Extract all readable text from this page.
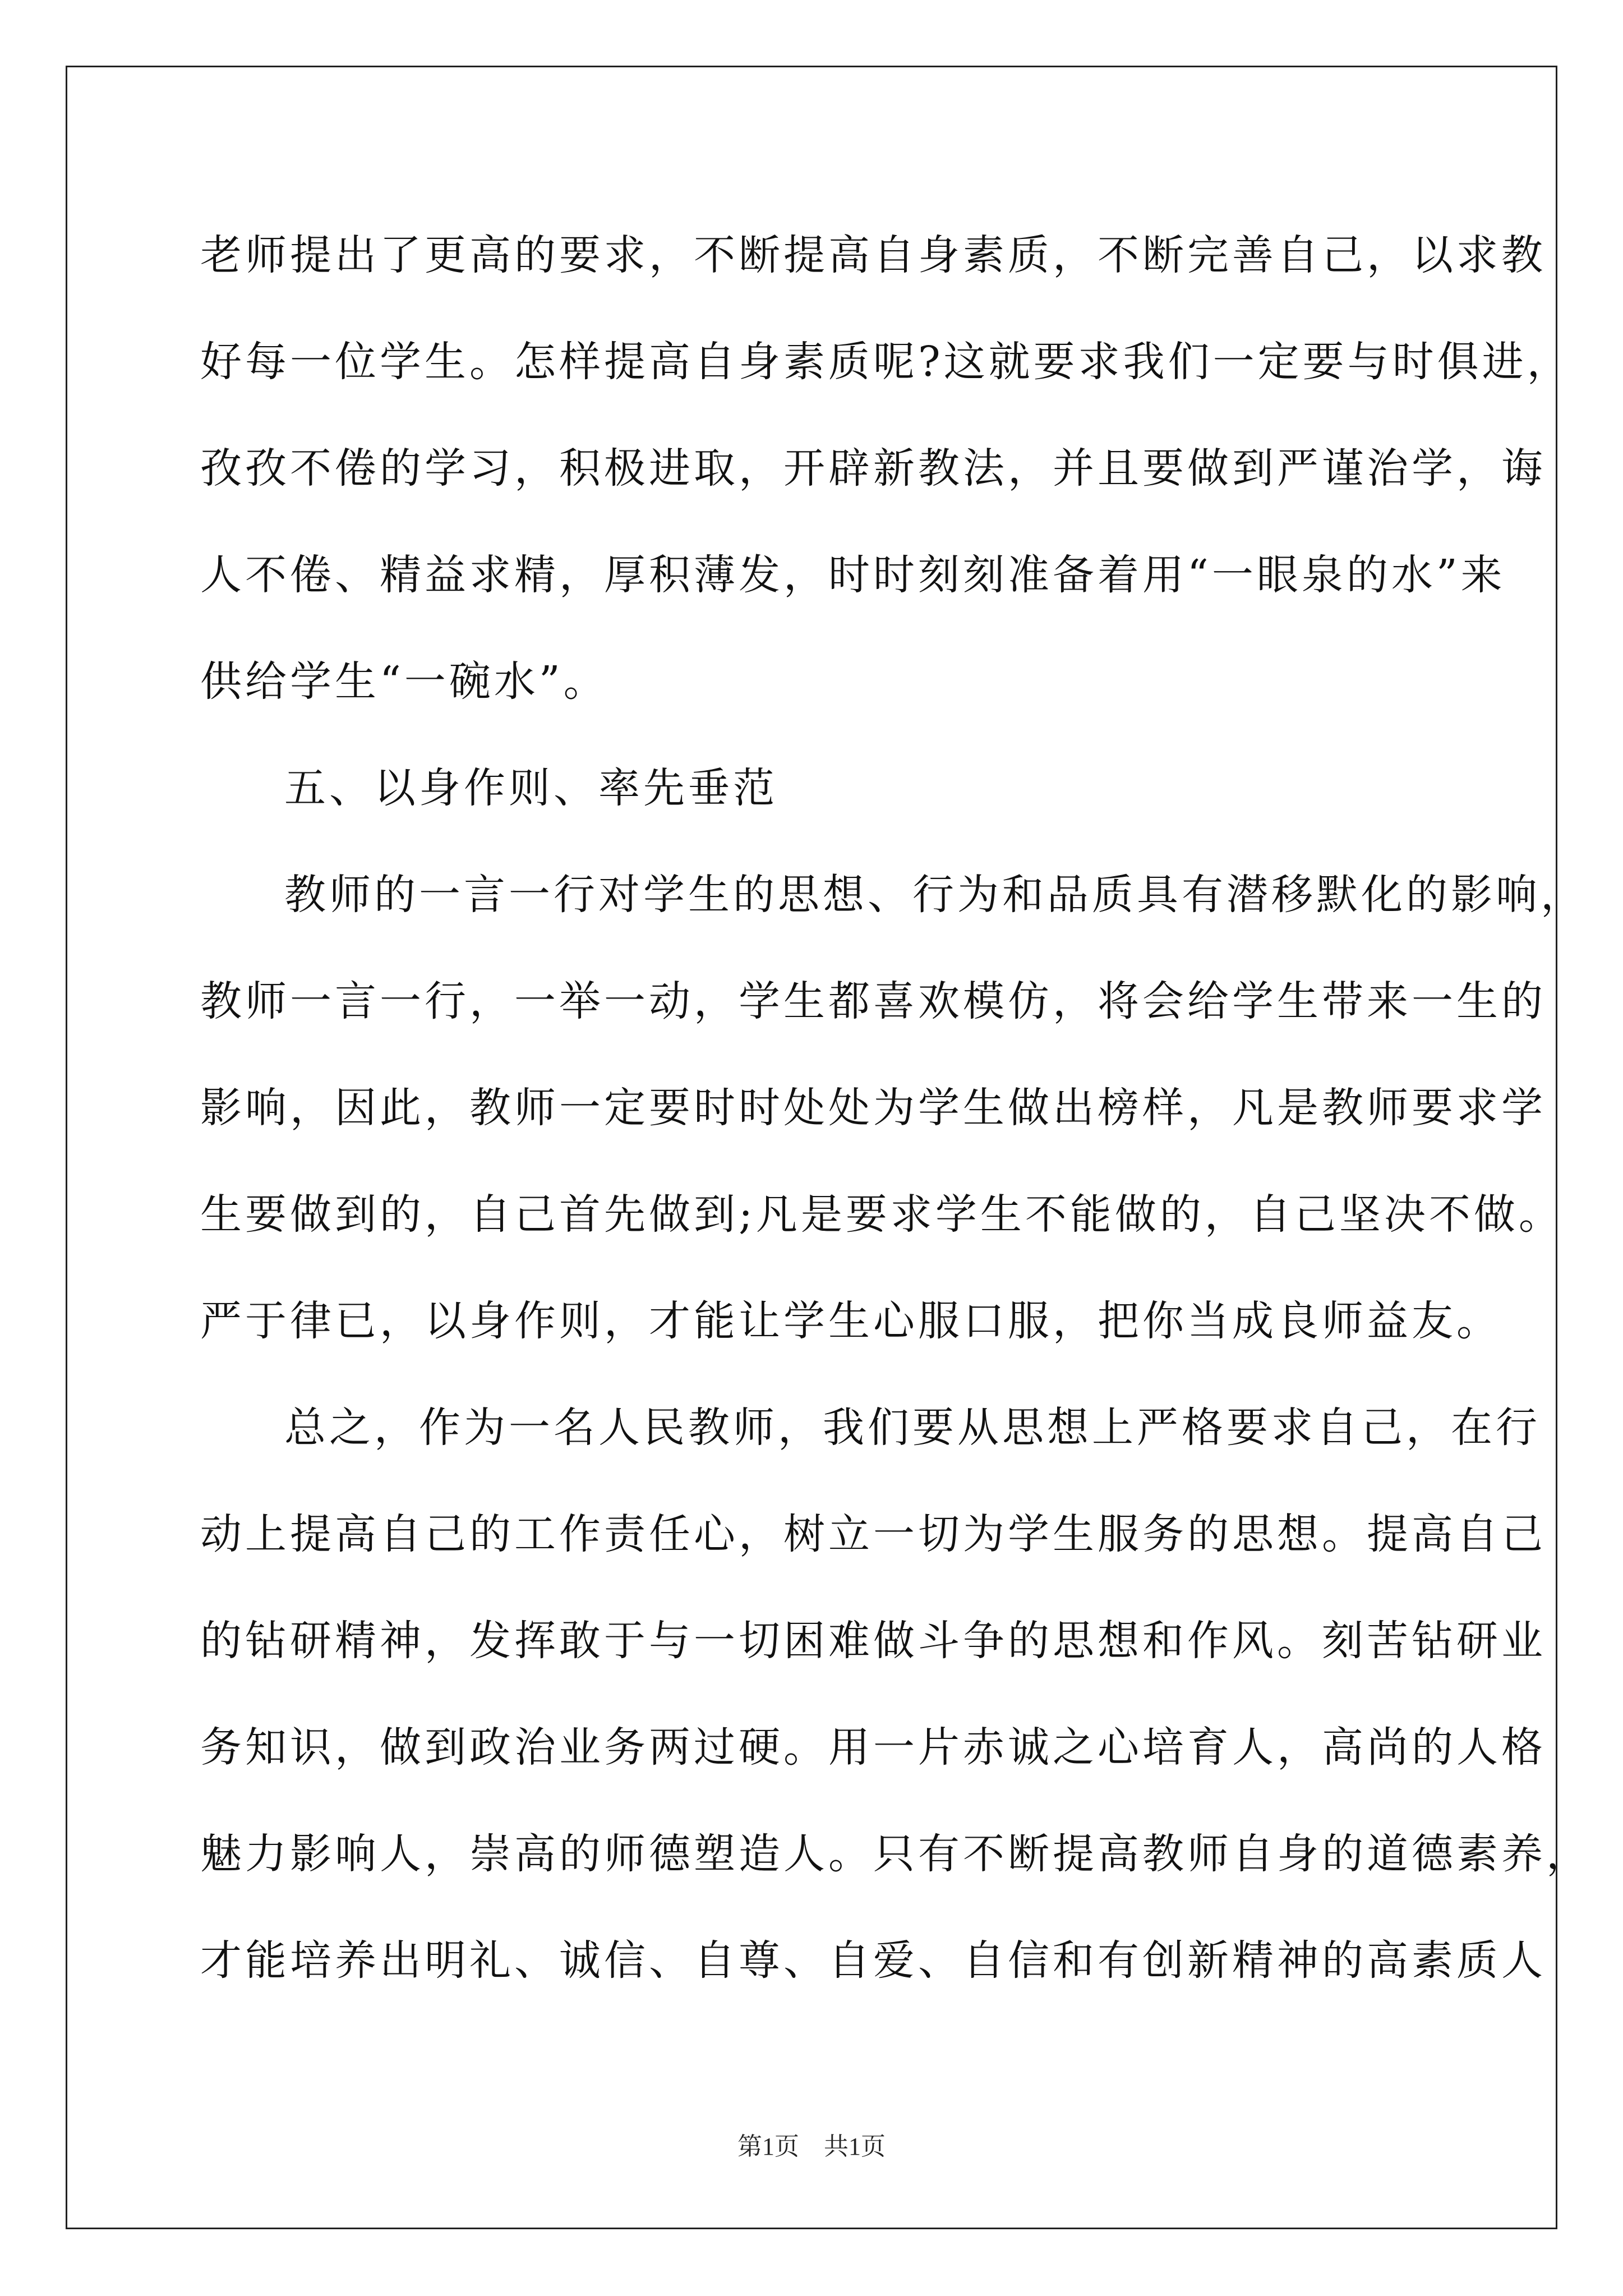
老师提出了更高的要求，不断提高自身素质，不断完善自己，以求教
好每一位学生。怎样提高自身素质呢?这就要求我们一定要与时俱进，
孜孜不倦的学习，积极进取，开辟新教法，并且要做到严谨治学，诲
人不倦、精益求精，厚积薄发，时时刻刻准备着用“一眼泉的水”来
供给学生“一碗水”。
五、以身作则、率先垂范
教师的一言一行对学生的思想、行为和品质具有潜移默化的影响，
教师一言一行，一举一动，学生都喜欢模仿，将会给学生带来一生的
影响，因此，教师一定要时时处处为学生做出榜样，凡是教师要求学
生要做到的，自己首先做到;凡是要求学生不能做的，自己坚决不做。
严于律已，以身作则，才能让学生心服口服，把你当成良师益友。
总之，作为一名人民教师，我们要从思想上严格要求自己，在行
动上提高自己的工作责任心，树立一切为学生服务的思想。提高自己
的钻研精神，发挥敢于与一切困难做斗争的思想和作风。刻苦钻研业
务知识，做到政治业务两过硬。用一片赤诚之心培育人，高尚的人格
魅力影响人，崇高的师德塑造人。只有不断提高教师自身的道德素养，
才能培养出明礼、诚信、自尊、自爱、自信和有创新精神的高素质人
第1页　共1页
